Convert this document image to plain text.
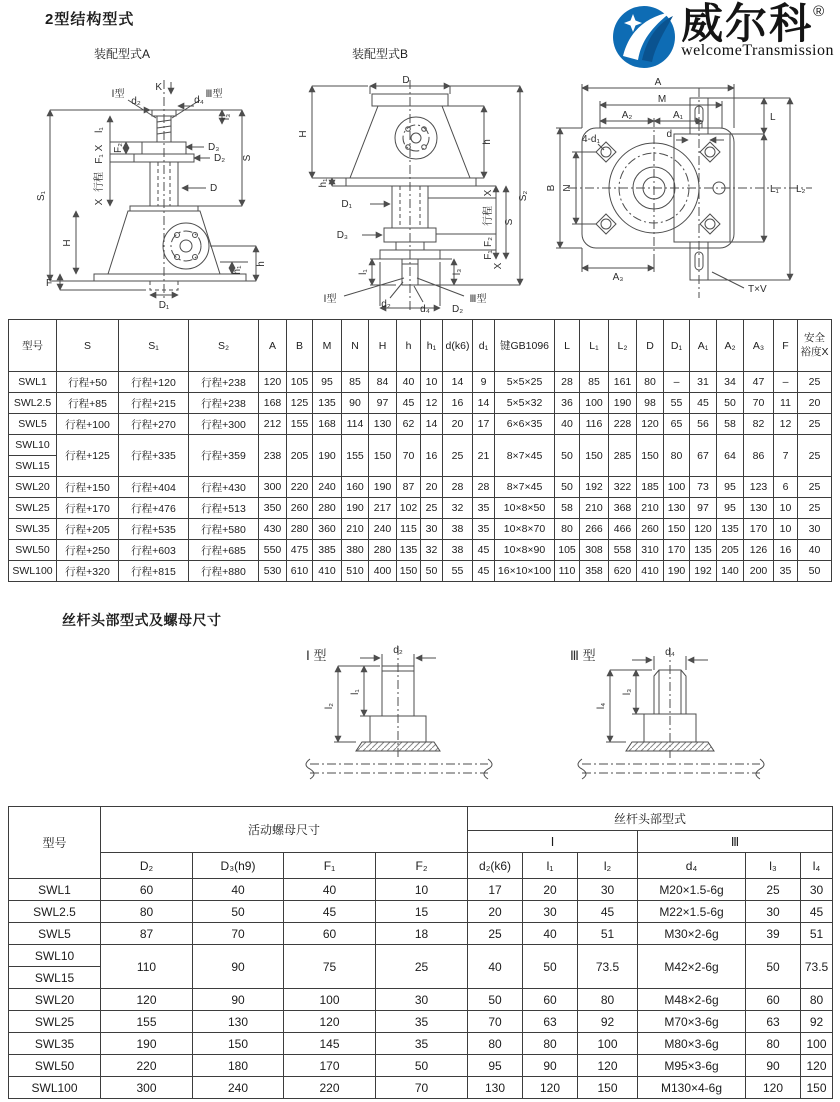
2型结构型式
装配型式A	装配型式B
威尔科 ®
welcomeTransmission
K
Ⅰ型
d₂	d₄
Ⅲ型
l₁
X
F₁
F₂
行程
X
D₃
D₂
D
S
l₃
S₁
H
F
h₁
h
D₁
D
H
h₁
h
S₂
X
行程 S
F₂
F₁
X
D₁
D₃
l₁	l₃
Ⅰ型	d₂	d₄
Ⅲ型
D₂
A
M
A₂	A₁
4-d₁	d
L
B N	L₁ L₂
A₃
T×V
型号	S	S₁	S₂	A	B	M	N	H	h	h₁	d(k6)	d₁	键GB1096	L	L₁	L₂	D	D₁	A₁	A₂	A₃	F	安全裕度X
SWL1	行程+50	行程+120	行程+238	120	105	95	85	84	40	10	14	9	5×5×25	28	85	161	80	–	31	34	47	–	25
SWL2.5	行程+85	行程+215	行程+238	168	125	135	90	97	45	12	16	14	5×5×32	36	100	190	98	55	45	50	70	11	20
SWL5	行程+100	行程+270	行程+300	212	155	168	114	130	62	14	20	17	6×6×35	40	116	228	120	65	56	58	82	12	25
SWL10	行程+125	行程+335	行程+359	238	205	190	155	150	70	16	25	21	8×7×45	50	150	285	150	80	67	64	86	7	25
SWL15																							
SWL20	行程+150	行程+404	行程+430	300	220	240	160	190	87	20	28	28	8×7×45	50	192	322	185	100	73	95	123	6	25
SWL25	行程+170	行程+476	行程+513	350	260	280	190	217	102	25	32	35	10×8×50	58	210	368	210	130	97	95	130	10	25
SWL35	行程+205	行程+535	行程+580	430	280	360	210	240	115	30	38	35	10×8×70	80	266	466	260	150	120	135	170	10	30
SWL50	行程+250	行程+603	行程+685	550	475	385	380	280	135	32	38	45	10×8×90	105	308	558	310	170	135	205	126	16	40
SWL100	行程+320	行程+815	行程+880	530	610	410	510	400	150	50	55	45	16×10×100	110	358	620	410	190	192	140	200	35	50
丝杆头部型式及螺母尺寸
Ⅰ 型	d₂
l₁
l₂
Ⅲ 型	d₄
l₃
l₄
型号	活动螺母尺寸				丝杆头部型式					
					Ⅰ			Ⅲ		
	D₂	D₃(h9)	F₁	F₂	d₂(k6)	l₁	l₂	d₄	l₃	l₄
SWL1	60	40	40	10	17	20	30	M20×1.5-6g	25	30
SWL2.5	80	50	45	15	20	30	45	M22×1.5-6g	30	45
SWL5	87	70	60	18	25	40	51	M30×2-6g	39	51
SWL10	110	90	75	25	40	50	73.5	M42×2-6g	50	73.5
SWL15										
SWL20	120	90	100	30	50	60	80	M48×2-6g	60	80
SWL25	155	130	120	35	70	63	92	M70×3-6g	63	92
SWL35	190	150	145	35	80	80	100	M80×3-6g	80	100
SWL50	220	180	170	50	95	90	120	M95×3-6g	90	120
SWL100	300	240	220	70	130	120	150	M130×4-6g	120	150
